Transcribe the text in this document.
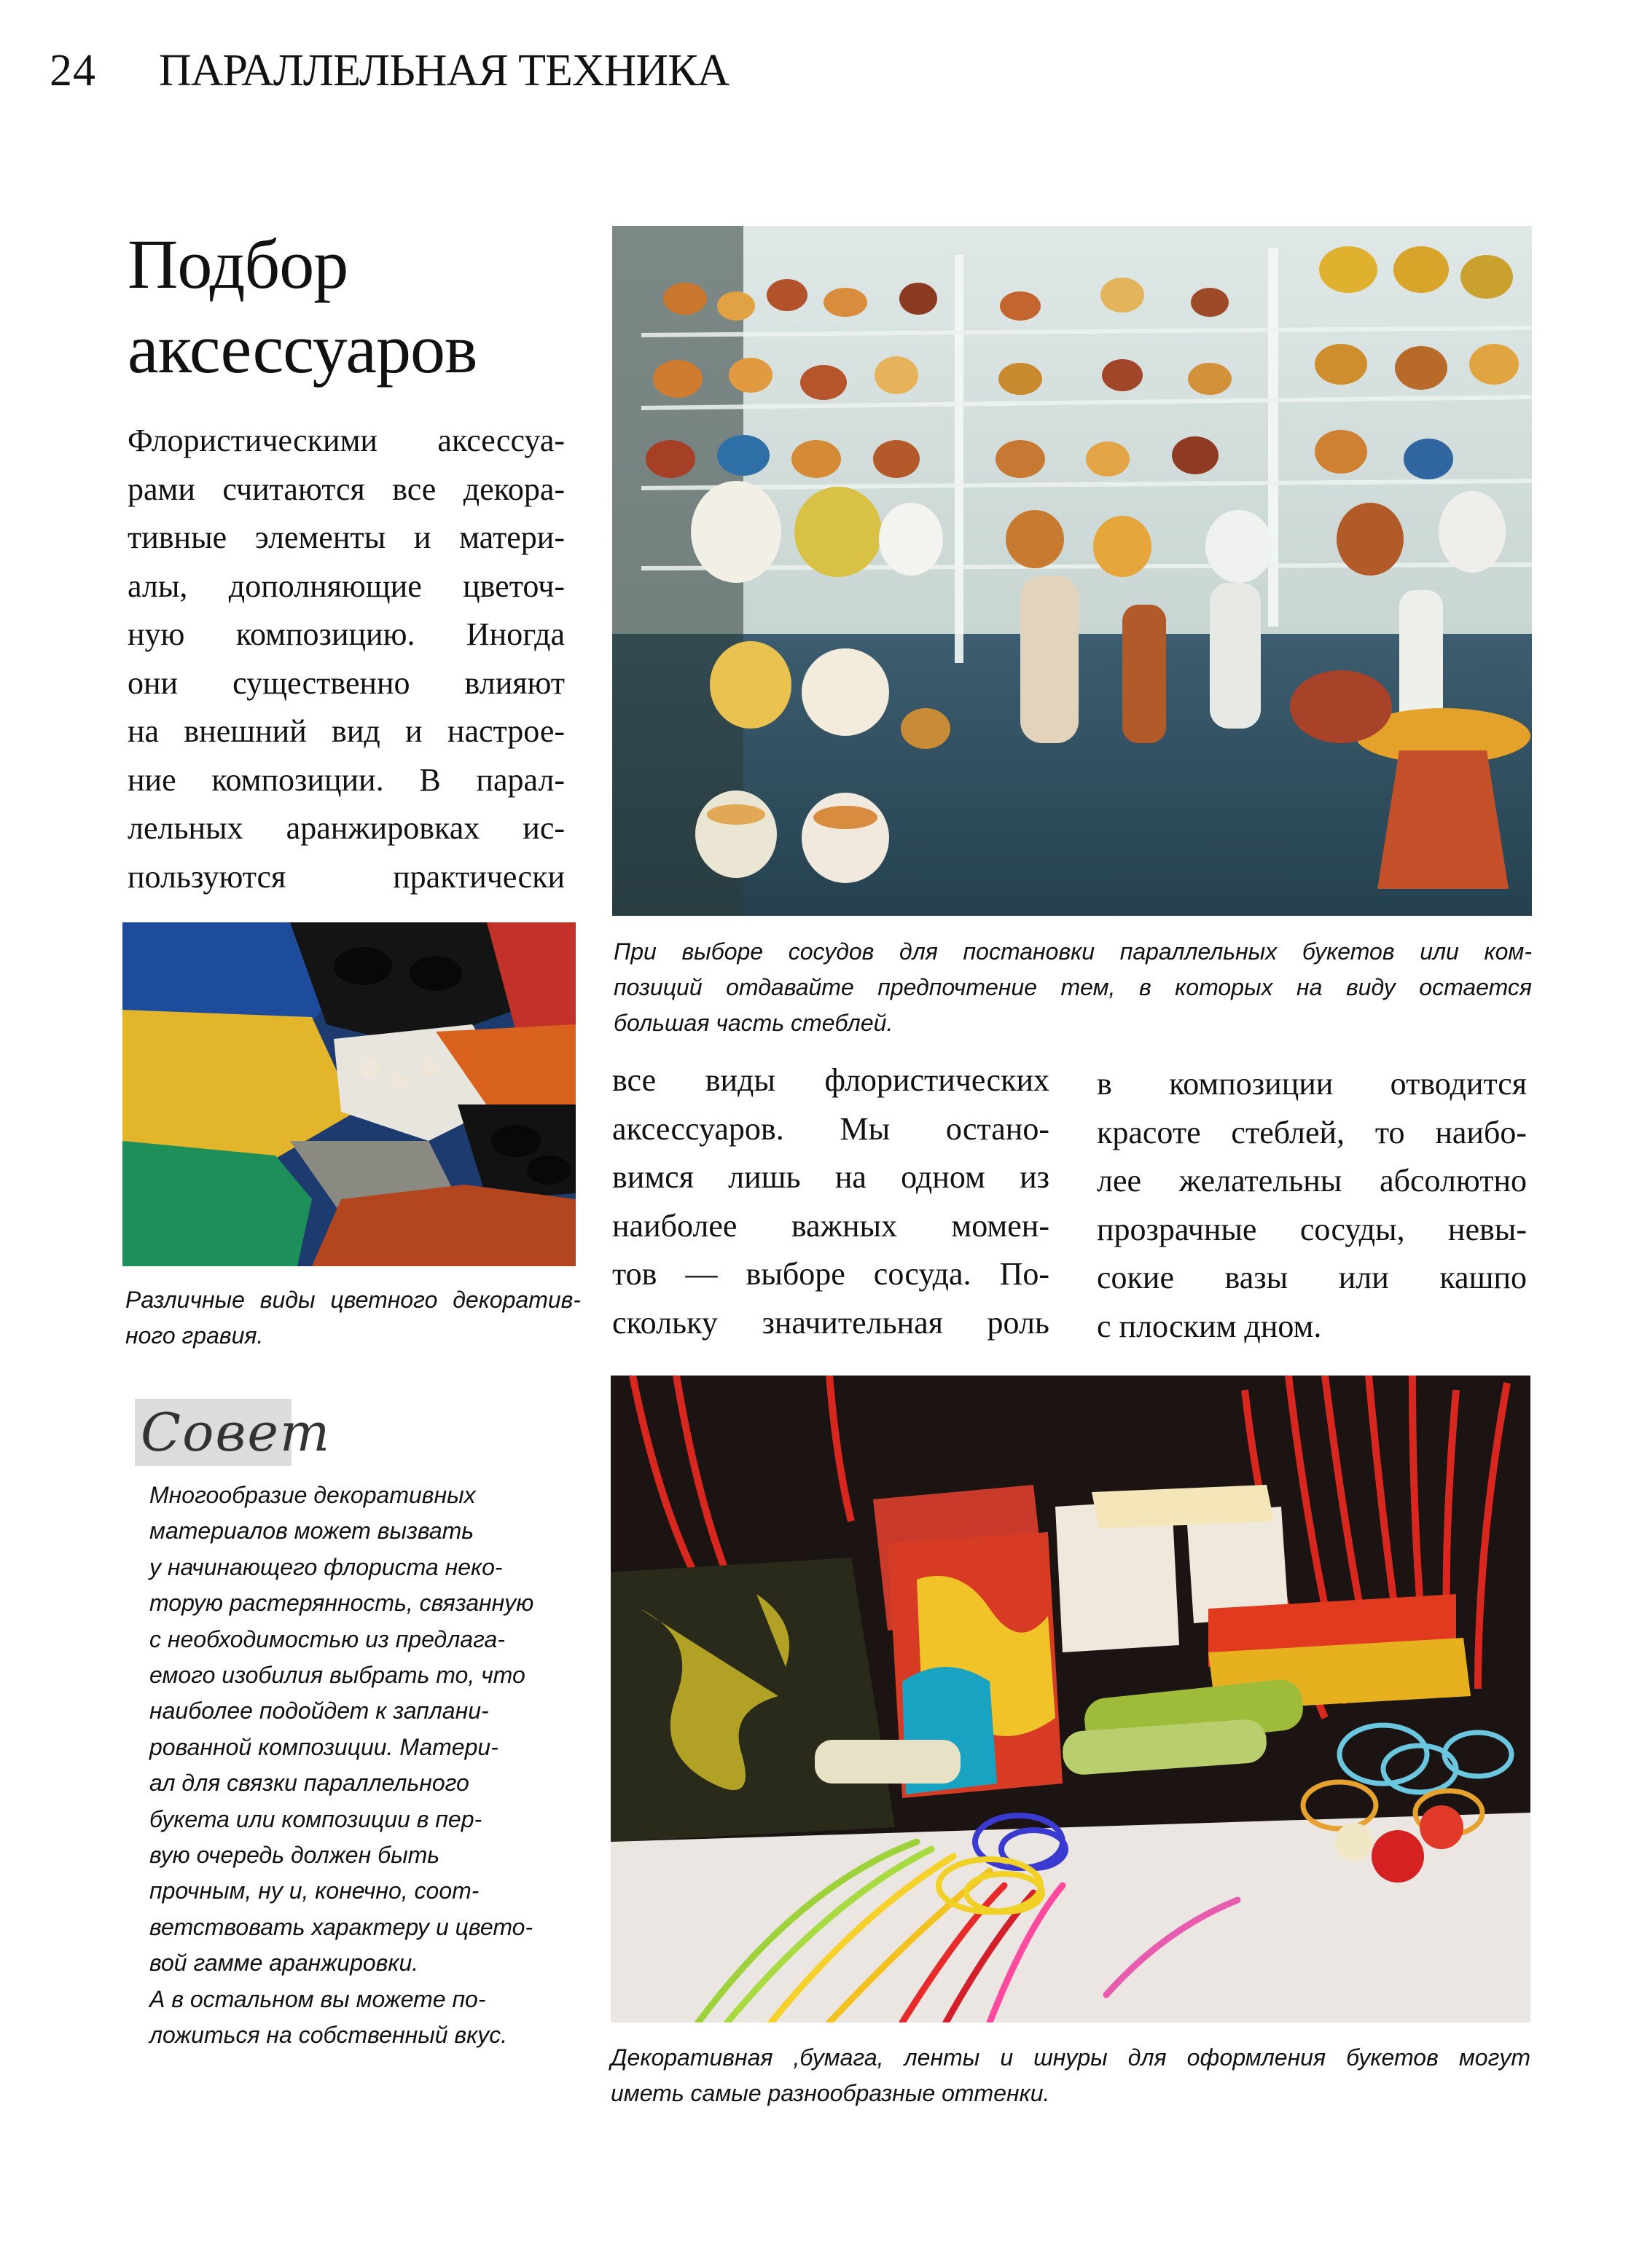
24 ПАРАЛЛЕЛЬНАЯ ТЕХНИКА
Подбор
аксессуаров
Флористическими аксессуа-
рами считаются все декора-
тивные элементы и матери-
алы, дополняющие цветоч-
ную композицию. Иногда
они существенно влияют
на внешний вид и настрое-
ние композиции. В парал-
лельных аранжировках ис-
пользуются практически
При выборе сосудов для постановки параллельных букетов или ком-
позиций отдавайте предпочтение тем, в которых на виду остается
большая часть стеблей.
Различные виды цветного декоратив-
ного гравия.
все виды флористических
аксессуаров. Мы остано-
вимся лишь на одном из
наиболее важных момен-
тов — выборе сосуда. По-
скольку значительная роль
в композиции отводится
красоте стеблей, то наибо-
лее желательны абсолютно
прозрачные сосуды, невы-
сокие вазы или кашпо
с плоским дном.
Совет
Многообразие декоративных
материалов может вызвать
у начинающего флориста неко-
торую растерянность, связанную
с необходимостью из предлага-
емого изобилия выбрать то, что
наиболее подойдет к заплани-
рованной композиции. Матери-
ал для связки параллельного
букета или композиции в пер-
вую очередь должен быть
прочным, ну и, конечно, соот-
ветствовать характеру и цвето-
вой гамме аранжировки.
А в остальном вы можете по-
ложиться на собственный вкус.
Декоративная ,бумага, ленты и шнуры для оформления букетов могут
иметь самые разнообразные оттенки.
